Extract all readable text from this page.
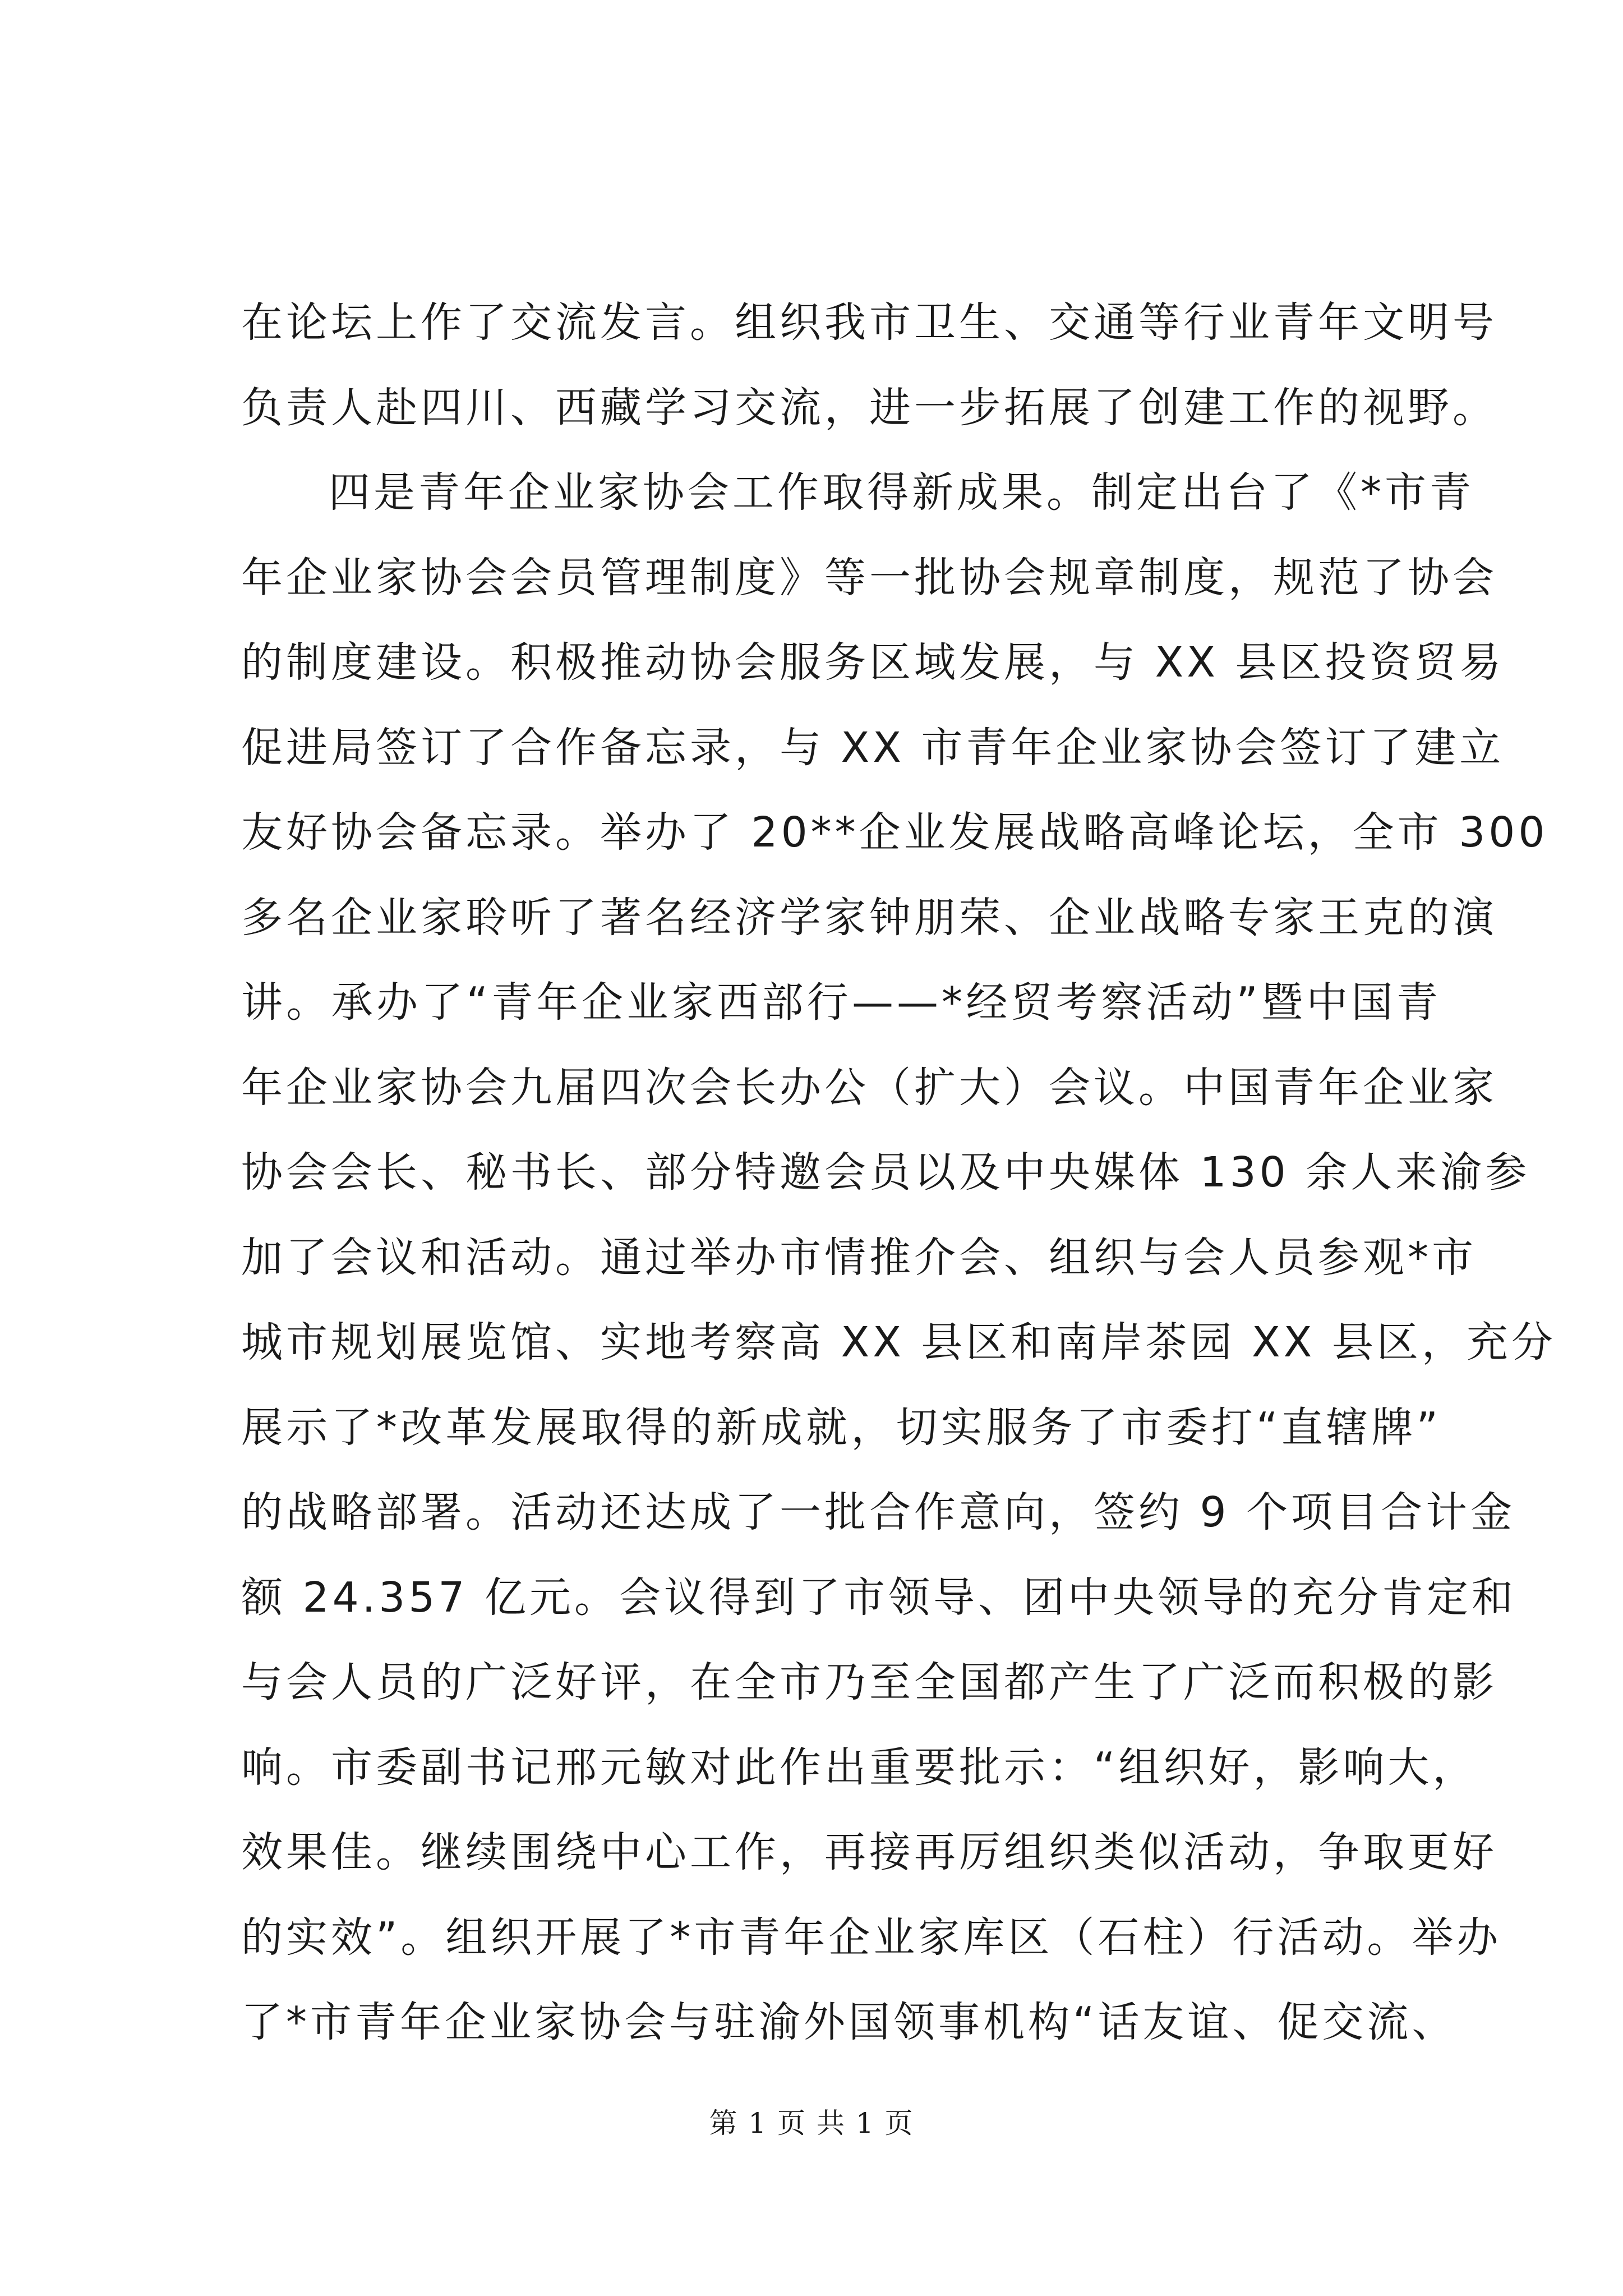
在论坛上作了交流发言。组织我市卫生、交通等行业青年文明号
负责人赴四川、西藏学习交流，进一步拓展了创建工作的视野。
四是青年企业家协会工作取得新成果。制定出台了《*市青
年企业家协会会员管理制度》等一批协会规章制度，规范了协会
的制度建设。积极推动协会服务区域发展，与 XX 县区投资贸易
促进局签订了合作备忘录，与 XX 市青年企业家协会签订了建立
友好协会备忘录。举办了 20**企业发展战略高峰论坛，全市 300
多名企业家聆听了著名经济学家钟朋荣、企业战略专家王克的演
讲。承办了“青年企业家西部行——*经贸考察活动”暨中国青
年企业家协会九届四次会长办公（扩大）会议。中国青年企业家
协会会长、秘书长、部分特邀会员以及中央媒体 130 余人来渝参
加了会议和活动。通过举办市情推介会、组织与会人员参观*市
城市规划展览馆、实地考察高 XX 县区和南岸茶园 XX 县区，充分
展示了*改革发展取得的新成就，切实服务了市委打“直辖牌”
的战略部署。活动还达成了一批合作意向，签约 9 个项目合计金
额 24.357 亿元。会议得到了市领导、团中央领导的充分肯定和
与会人员的广泛好评，在全市乃至全国都产生了广泛而积极的影
响。市委副书记邢元敏对此作出重要批示：“组织好，影响大，
效果佳。继续围绕中心工作，再接再厉组织类似活动，争取更好
的实效”。组织开展了*市青年企业家库区（石柱）行活动。举办
了*市青年企业家协会与驻渝外国领事机构“话友谊、促交流、
第 1 页 共 1 页
